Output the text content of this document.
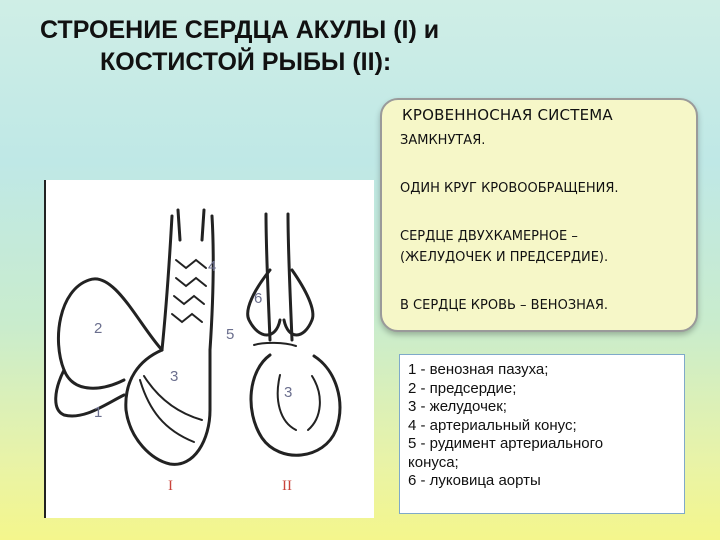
СТРОЕНИЕ СЕРДЦА АКУЛЫ (I) и
КОСТИСТОЙ РЫБЫ (II):
КРОВЕННОСНАЯ СИСТЕМА
ЗАМКНУТАЯ.
ОДИН КРУГ КРОВООБРАЩЕНИЯ.
СЕРДЦЕ ДВУХКАМЕРНОЕ –
(ЖЕЛУДОЧЕК И ПРЕДСЕРДИЕ).
В СЕРДЦЕ КРОВЬ – ВЕНОЗНАЯ.
4
2
6
5
3
1
3
I	II
1 - венозная пазуха;
2 - предсердие;
3 - желудочек;
4 - артериальный конус;
5 - рудимент артериального
конуса;
6 - луковица аорты
